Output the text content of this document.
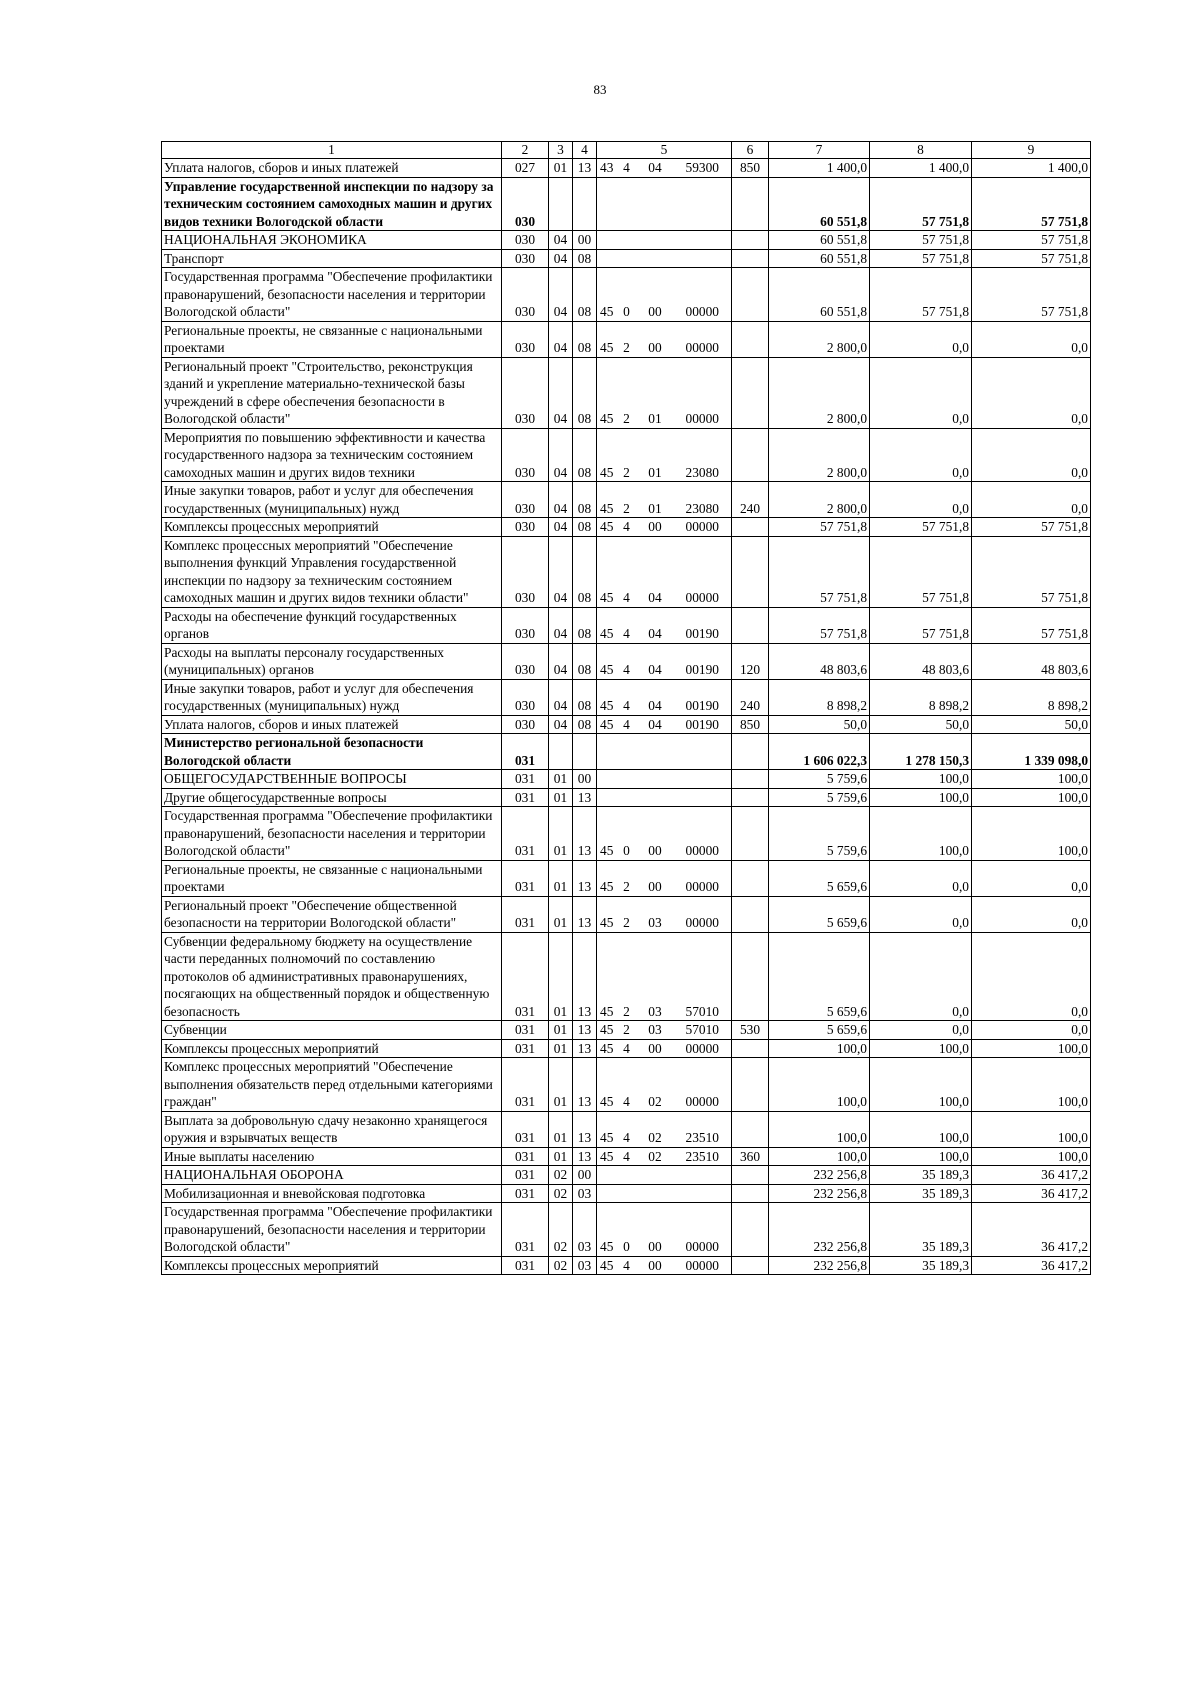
83
1	2	3	4	5				6	7	8	9
Уплата налогов, сборов и иных платежей	027	01	13	43	4	04	59300	850	1 400,0	1 400,0	1 400,0
Управление государственной инспекции по надзору за техническим состоянием самоходных машин и других видов техники Вологодской области	030								60 551,8	57 751,8	57 751,8
НАЦИОНАЛЬНАЯ ЭКОНОМИКА	030	04	00						60 551,8	57 751,8	57 751,8
Транспорт	030	04	08						60 551,8	57 751,8	57 751,8
Государственная программа "Обеспечение профилактики правонарушений, безопасности населения и территории Вологодской области"	030	04	08	45	0	00	00000		60 551,8	57 751,8	57 751,8
Региональные проекты, не связанные с национальными проектами	030	04	08	45	2	00	00000		2 800,0	0,0	0,0
Региональный проект "Строительство, реконструкция зданий и укрепление материально-технической базы учреждений в сфере обеспечения безопасности в Вологодской области"	030	04	08	45	2	01	00000		2 800,0	0,0	0,0
Мероприятия по повышению эффективности и качества государственного надзора за техническим состоянием самоходных машин и других видов техники	030	04	08	45	2	01	23080		2 800,0	0,0	0,0
Иные закупки товаров, работ и услуг для обеспечения государственных (муниципальных) нужд	030	04	08	45	2	01	23080	240	2 800,0	0,0	0,0
Комплексы процессных мероприятий	030	04	08	45	4	00	00000		57 751,8	57 751,8	57 751,8
Комплекс процессных мероприятий "Обеспечение выполнения функций Управления государственной инспекции по надзору за техническим состоянием самоходных машин и других видов техники области"	030	04	08	45	4	04	00000		57 751,8	57 751,8	57 751,8
Расходы на обеспечение функций государственных органов	030	04	08	45	4	04	00190		57 751,8	57 751,8	57 751,8
Расходы на выплаты персоналу государственных (муниципальных) органов	030	04	08	45	4	04	00190	120	48 803,6	48 803,6	48 803,6
Иные закупки товаров, работ и услуг для обеспечения государственных (муниципальных) нужд	030	04	08	45	4	04	00190	240	8 898,2	8 898,2	8 898,2
Уплата налогов, сборов и иных платежей	030	04	08	45	4	04	00190	850	50,0	50,0	50,0
Министерство региональной безопасности Вологодской области	031								1 606 022,3	1 278 150,3	1 339 098,0
ОБЩЕГОСУДАРСТВЕННЫЕ ВОПРОСЫ	031	01	00						5 759,6	100,0	100,0
Другие общегосударственные вопросы	031	01	13						5 759,6	100,0	100,0
Государственная программа "Обеспечение профилактики правонарушений, безопасности населения и территории Вологодской области"	031	01	13	45	0	00	00000		5 759,6	100,0	100,0
Региональные проекты, не связанные с национальными проектами	031	01	13	45	2	00	00000		5 659,6	0,0	0,0
Региональный проект "Обеспечение общественной безопасности на территории Вологодской области"	031	01	13	45	2	03	00000		5 659,6	0,0	0,0
Субвенции федеральному бюджету на осуществление части переданных полномочий по составлению протоколов об административных правонарушениях, посягающих на общественный порядок и общественную безопасность	031	01	13	45	2	03	57010		5 659,6	0,0	0,0
Субвенции	031	01	13	45	2	03	57010	530	5 659,6	0,0	0,0
Комплексы процессных мероприятий	031	01	13	45	4	00	00000		100,0	100,0	100,0
Комплекс процессных мероприятий "Обеспечение выполнения обязательств перед отдельными категориями граждан"	031	01	13	45	4	02	00000		100,0	100,0	100,0
Выплата за добровольную сдачу незаконно хранящегося оружия и взрывчатых веществ	031	01	13	45	4	02	23510		100,0	100,0	100,0
Иные выплаты населению	031	01	13	45	4	02	23510	360	100,0	100,0	100,0
НАЦИОНАЛЬНАЯ ОБОРОНА	031	02	00						232 256,8	35 189,3	36 417,2
Мобилизационная и вневойсковая подготовка	031	02	03						232 256,8	35 189,3	36 417,2
Государственная программа "Обеспечение профилактики правонарушений, безопасности населения и территории Вологодской области"	031	02	03	45	0	00	00000		232 256,8	35 189,3	36 417,2
Комплексы процессных мероприятий	031	02	03	45	4	00	00000		232 256,8	35 189,3	36 417,2
